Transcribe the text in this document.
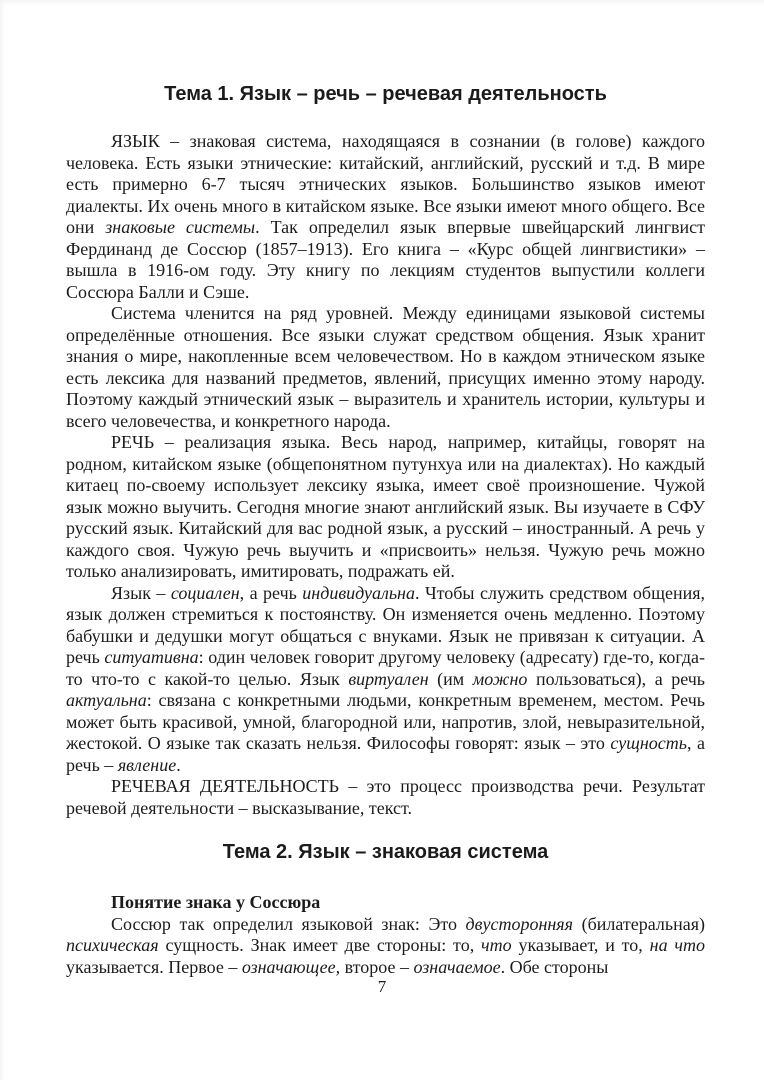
Тема 1. Язык – речь – речевая деятельность

ЯЗЫК – знаковая система, находящаяся в сознании (в голове) каждого человека. Есть языки этнические: китайский, английский, русский и т.д. В мире есть примерно 6-7 тысяч этнических языков. Большинство языков имеют диалекты. Их очень много в китайском языке. Все языки имеют много общего. Все они знаковые системы. Так определил язык впервые швейцарский лингвист Фердинанд де Соссюр (1857–1913). Его книга – «Курс общей лингвистики» – вышла в 1916-ом году. Эту книгу по лекциям студентов выпустили коллеги Соссюра Балли и Сэше.

Система членится на ряд уровней. Между единицами языковой системы определённые отношения. Все языки служат средством общения. Язык хранит знания о мире, накопленные всем человечеством. Но в каждом этническом языке есть лексика для названий предметов, явлений, присущих именно этому народу. Поэтому каждый этнический язык – выразитель и хранитель истории, культуры и всего человечества, и конкретного народа.

РЕЧЬ – реализация языка. Весь народ, например, китайцы, говорят на родном, китайском языке (общепонятном путунхуа или на диалектах). Но каждый китаец по-своему использует лексику языка, имеет своё произношение. Чужой язык можно выучить. Сегодня многие знают английский язык. Вы изучаете в СФУ русский язык. Китайский для вас родной язык, а русский – иностранный. А речь у каждого своя. Чужую речь выучить и «присвоить» нельзя. Чужую речь можно только анализировать, имитировать, подражать ей.

Язык – социален, а речь индивидуальна. Чтобы служить средством общения, язык должен стремиться к постоянству. Он изменяется очень медленно. Поэтому бабушки и дедушки могут общаться с внуками. Язык не привязан к ситуации. А речь ситуативна: один человек говорит другому человеку (адресату) где-то, когда-то что-то с какой-то целью. Язык виртуален (им можно пользоваться), а речь актуальна: связана с конкретными людьми, конкретным временем, местом. Речь может быть красивой, умной, благородной или, напротив, злой, невыразительной, жестокой. О языке так сказать нельзя. Философы говорят: язык – это сущность, а речь – явление.

РЕЧЕВАЯ ДЕЯТЕЛЬНОСТЬ – это процесс производства речи. Результат речевой деятельности – высказывание, текст.

Тема 2. Язык – знаковая система
Понятие знака у Соссюра

Соссюр так определил языковой знак: Это двусторонняя (билатеральная) психическая сущность. Знак имеет две стороны: то, что указывает, и то, на что указывается. Первое – означающее, второе – означаемое. Обе стороны

7
